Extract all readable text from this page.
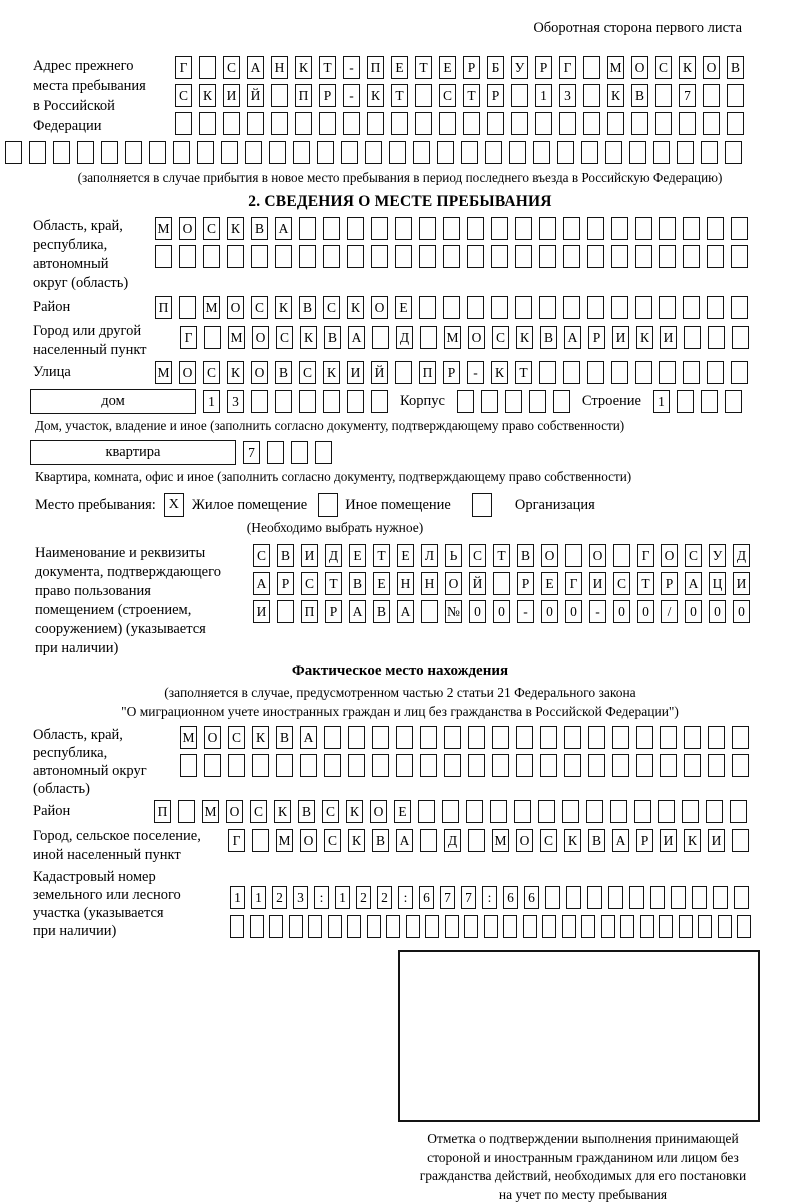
Оборотная сторона первого листа
Адрес прежнего
места пребывания
в Российской
Федерации
Г	С А Н К	Т	-	П	Е	Т	Е	Р	Б	У	Р	Г	М О С К О В
С К И Й	П	Р	-	К	Т	С	Т	Р	1	3	К В	7
(заполняется в случае прибытия в новое место пребывания в период последнего въезда в Российскую Федерацию)
2. СВЕДЕНИЯ О МЕСТЕ ПРЕБЫВАНИЯ
Область, край,
республика,
автономный
округ (область)
М О С К В А
Район	П	М О С К В С К О	Е
Город или другой
населенный пункт
Г	М О С К В А	Д	М О С К В А	Р	И К И
Улица	М О С К О В С К И Й	П	Р	-	К	Т
дом	1	3	Корпус	Строение	1
Дом, участок, владение и иное (заполнить согласно документу, подтверждающему право собственности)
квартира	7
Квартира, комната, офис и иное (заполнить согласно документу, подтверждающему право собственности)
Место пребывания: X Жилое помещение	Иное помещение	Организация
(Необходимо выбрать нужное)
Наименование и реквизиты
документа, подтверждающего
право пользования
помещением (строением,
сооружением) (указывается
при наличии)
С В И Д	Е	Т	Е	Л	Ь	С	Т	В О	О	Г	О С У Д
А	Р	С	Т	В	Е	Н Н О Й	Р	Е	Г	И С	Т	Р	А Ц И
И	П	Р	А В А	№	0	0	-	0	0	-	0	0	/	0	0	0
Фактическое место нахождения
(заполняется в случае, предусмотренном частью 2 статьи 21 Федерального закона
"О миграционном учете иностранных граждан и лиц без гражданства в Российской Федерации")
Область, край,
республика,
автономный округ
(область)
М О С К В А
Район	П	М О С К В С К О	Е
Город, сельское поселение,
иной населенный пункт
Г	М О С К В А	Д	М О С К В А	Р	И К И
Кадастровый номер
земельного или лесного
участка (указывается
при наличии)
1	1	2	3	:	1	2	2	:	6	7	7	:	6	6
Отметка о подтверждении выполнения принимающей
стороной и иностранным гражданином или лицом без
гражданства действий, необходимых для его постановки
на учет по месту пребывания
